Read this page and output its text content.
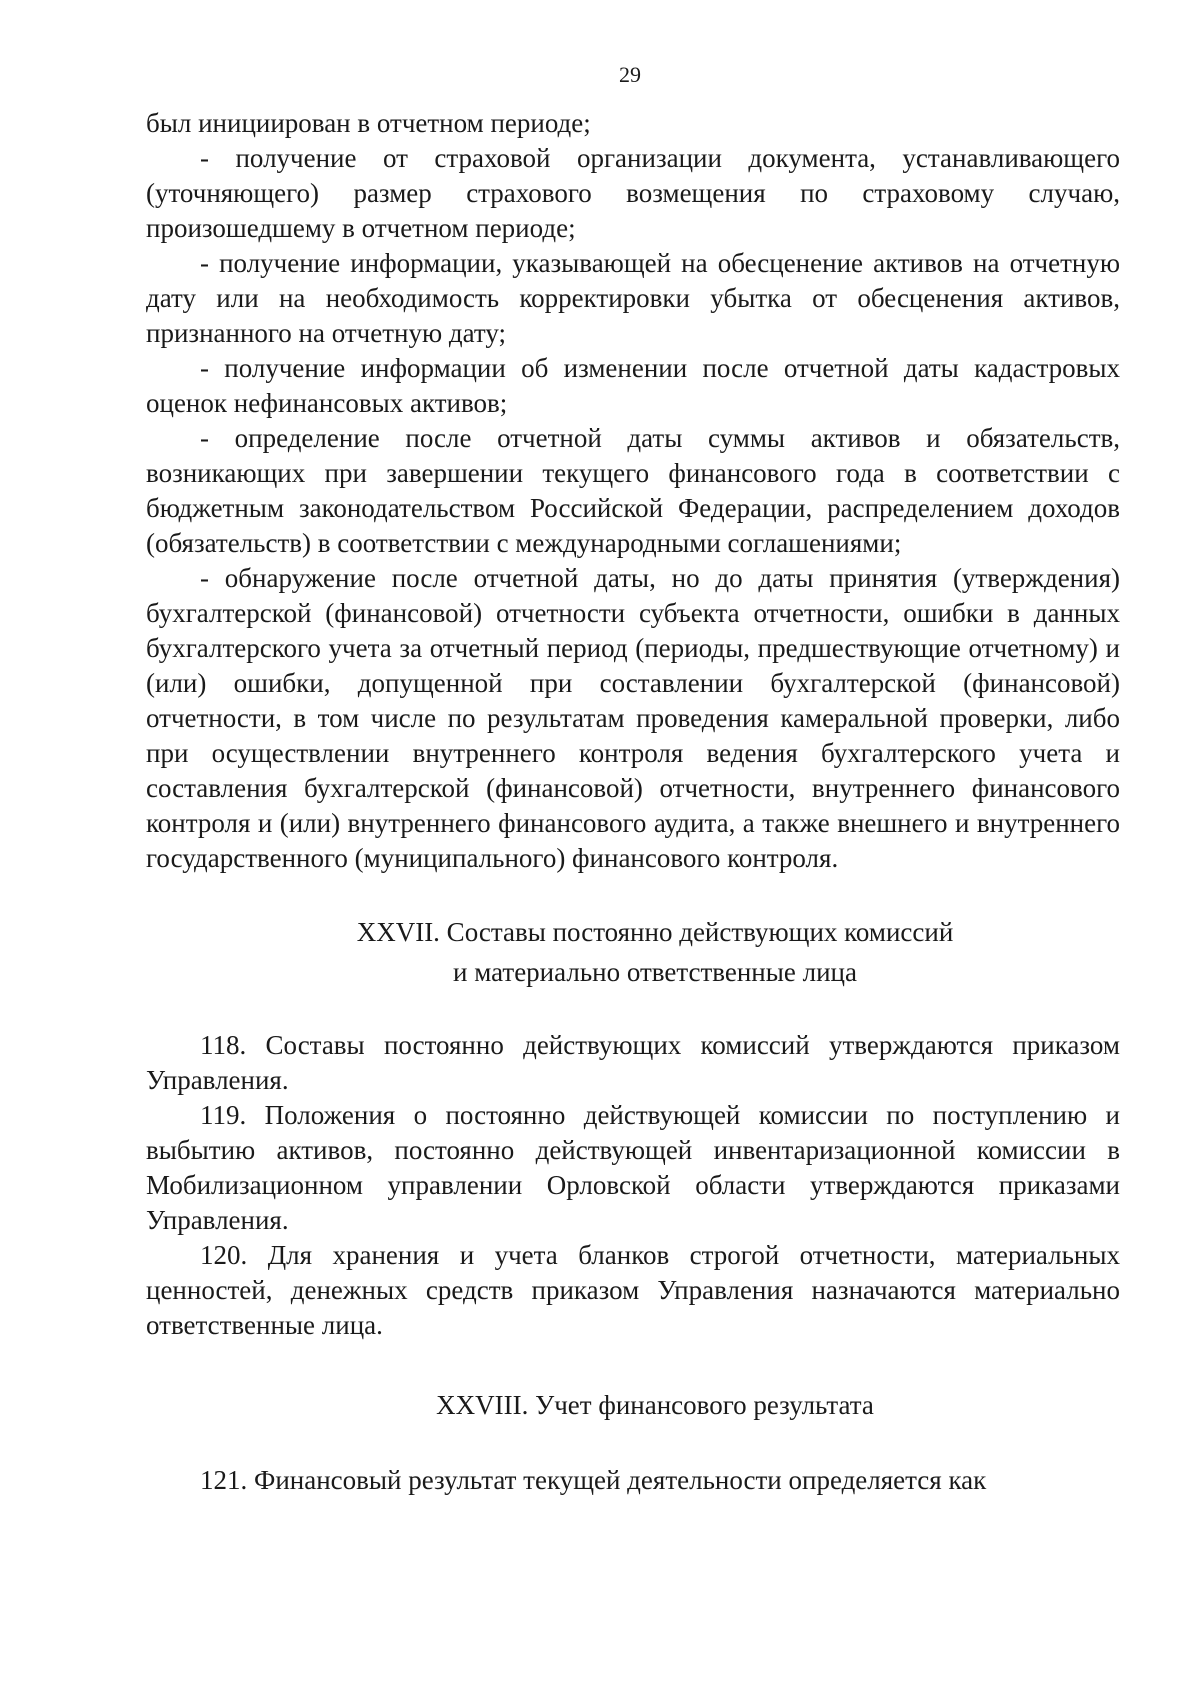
29

был инициирован в отчетном периоде;

- получение от страховой организации документа, устанавливающего (уточняющего) размер страхового возмещения по страховому случаю, произошедшему в отчетном периоде;

- получение информации, указывающей на обесценение активов на отчетную дату или на необходимость корректировки убытка от обесценения активов, признанного на отчетную дату;

- получение информации об изменении после отчетной даты кадастровых оценок нефинансовых активов;

- определение после отчетной даты суммы активов и обязательств, возникающих при завершении текущего финансового года в соответствии с бюджетным законодательством Российской Федерации, распределением доходов (обязательств) в соответствии с международными соглашениями;

- обнаружение после отчетной даты, но до даты принятия (утверждения) бухгалтерской (финансовой) отчетности субъекта отчетности, ошибки в данных бухгалтерского учета за отчетный период (периоды, предшествующие отчетному) и (или) ошибки, допущенной при составлении бухгалтерской (финансовой) отчетности, в том числе по результатам проведения камеральной проверки, либо при осуществлении внутреннего контроля ведения бухгалтерского учета и составления бухгалтерской (финансовой) отчетности, внутреннего финансового контроля и (или) внутреннего финансового аудита, а также внешнего и внутреннего государственного (муниципального) финансового контроля.

XXVII. Составы постоянно действующих комиссий
и материально ответственные лица

118. Составы постоянно действующих комиссий утверждаются приказом Управления.

119. Положения о постоянно действующей комиссии по поступлению и выбытию активов, постоянно действующей инвентаризационной комиссии в Мобилизационном управлении Орловской области утверждаются приказами Управления.

120. Для хранения и учета бланков строгой отчетности, материальных ценностей, денежных средств приказом Управления назначаются материально ответственные лица.

XXVIII. Учет финансового результата

121. Финансовый результат текущей деятельности определяется как
